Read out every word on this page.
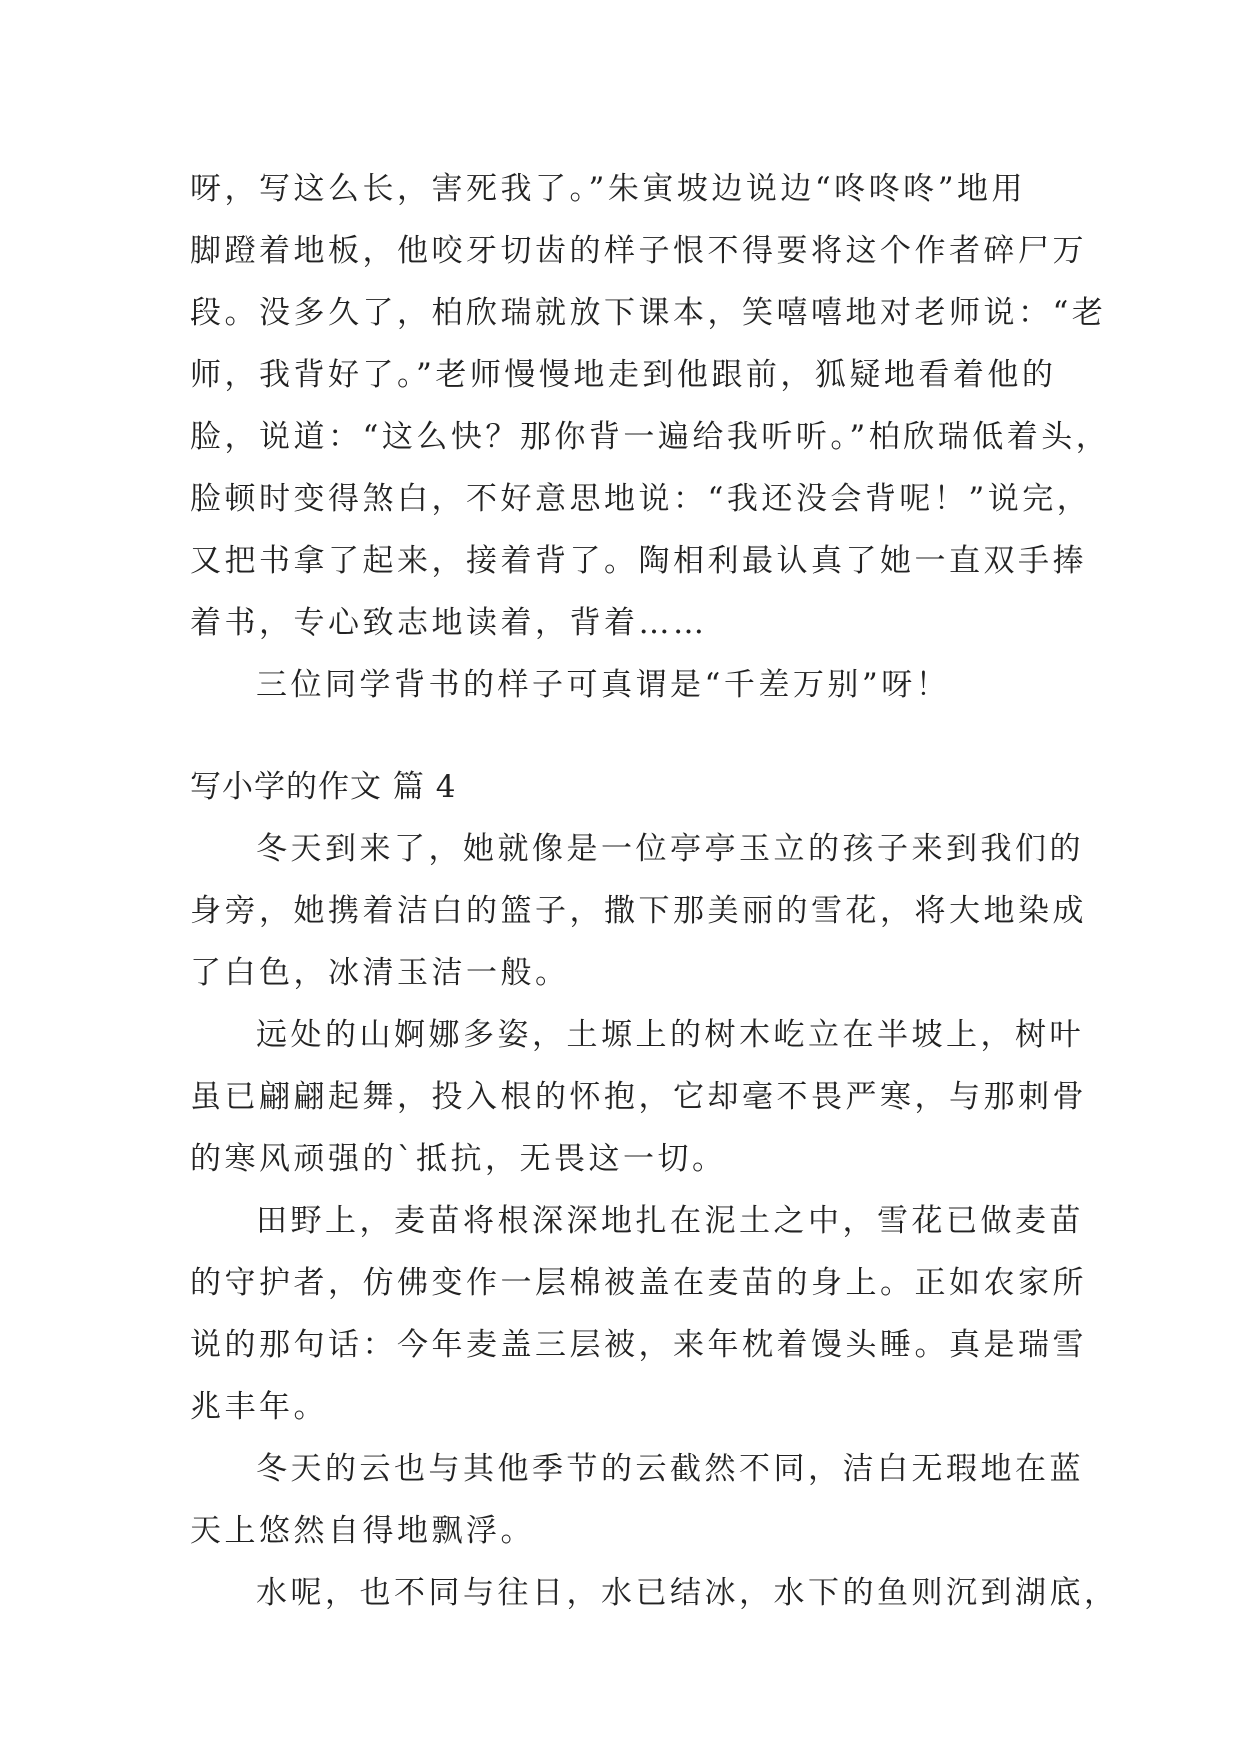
呀，写这么长，害死我了。”朱寅坡边说边“咚咚咚”地用
脚蹬着地板，他咬牙切齿的样子恨不得要将这个作者碎尸万
段。没多久了，柏欣瑞就放下课本，笑嘻嘻地对老师说：“老
师，我背好了。”老师慢慢地走到他跟前，狐疑地看着他的
脸，说道：“这么快？那你背一遍给我听听。”柏欣瑞低着头，
脸顿时变得煞白，不好意思地说：“我还没会背呢！”说完，
又把书拿了起来，接着背了。陶相利最认真了她一直双手捧
着书，专心致志地读着，背着……
三位同学背书的样子可真谓是“千差万别”呀！
写小学的作文 篇 4
冬天到来了，她就像是一位亭亭玉立的孩子来到我们的
身旁，她携着洁白的篮子，撒下那美丽的雪花，将大地染成
了白色，冰清玉洁一般。
远处的山婀娜多姿，土塬上的树木屹立在半坡上，树叶
虽已翩翩起舞，投入根的怀抱，它却毫不畏严寒，与那刺骨
的寒风顽强的`抵抗，无畏这一切。
田野上，麦苗将根深深地扎在泥土之中，雪花已做麦苗
的守护者，仿佛变作一层棉被盖在麦苗的身上。正如农家所
说的那句话：今年麦盖三层被，来年枕着馒头睡。真是瑞雪
兆丰年。
冬天的云也与其他季节的云截然不同，洁白无瑕地在蓝
天上悠然自得地飘浮。
水呢，也不同与往日，水已结冰，水下的鱼则沉到湖底，
